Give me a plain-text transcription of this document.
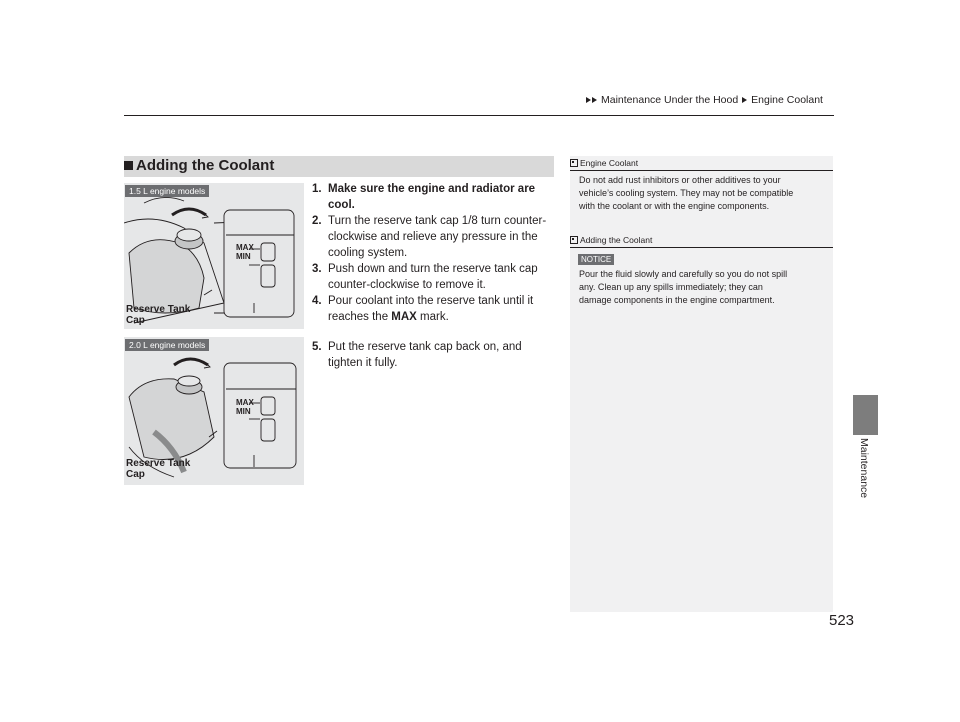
Maintenance Under the Hood Engine Coolant
Maintenance
Adding the Coolant
1.5 L engine models
MAX
MIN
Reserve Tank
Cap
2.0 L engine models
MAX
MIN
Reserve Tank
Cap
1. Make sure the engine and radiator are
cool.
2. Turn the reserve tank cap 1/8 turn counter-
clockwise and relieve any pressure in the
cooling system.
3. Push down and turn the reserve tank cap
counter-clockwise to remove it.
4. Pour coolant into the reserve tank until it
reaches the MAX mark.
5. Put the reserve tank cap back on, and
tighten it fully.
Engine Coolant
Do not add rust inhibitors or other additives to your
vehicle’s cooling system. They may not be compatible
with the coolant or with the engine components.
Adding the Coolant
NOTICE
Pour the fluid slowly and carefully so you do not spill
any. Clean up any spills immediately; they can
damage components in the engine compartment.
523
